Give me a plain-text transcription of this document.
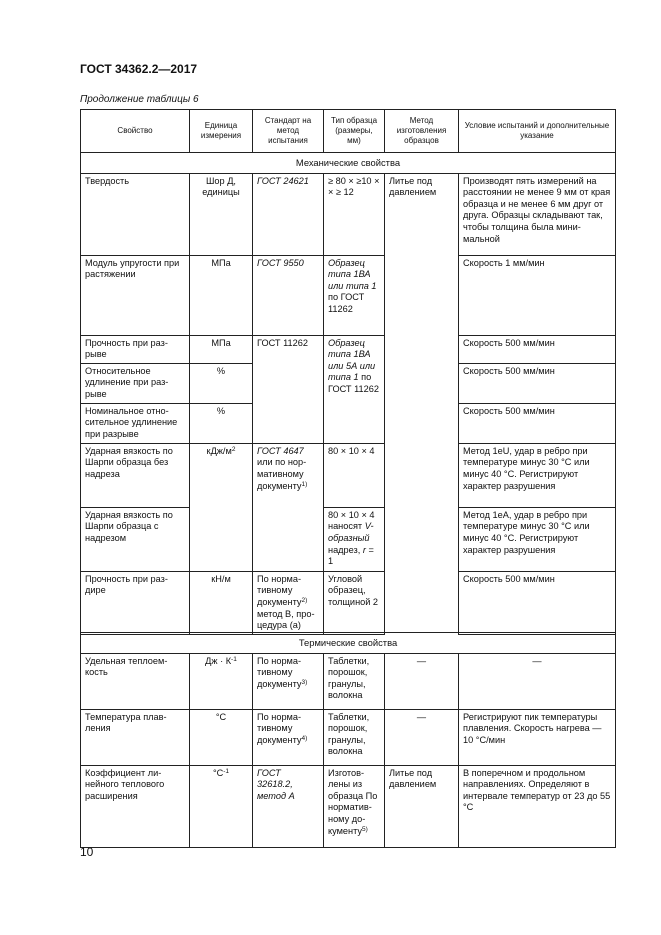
ГОСТ 34362.2—2017
Продолжение таблицы 6
Свойство	Единица измерения	Стандарт на метод испытания	Тип образца (размеры, мм)	Метод изготовления образцов	Условие испытаний и дополнительные указание
Механические свойства					
Твердость	Шор Д, единицы	ГОСТ 24621	≥ 80 × ≥10 × × ≥ 12	Литье под давлением	Производят пять измерений на расстоянии не менее 9 мм от края образца и не менее 6 мм друг от друга. Образцы складывают так, чтобы толщина была минимальной
Модуль упругости при растяжении	МПа	ГОСТ 9550	Образец типа 1ВА или типа 1 по ГОСТ 11262		Скорость 1 мм/мин
Прочность при разрыве	МПа	ГОСТ 11262	Образец типа 1ВА или 5А или типа 1 по ГОСТ 11262		Скорость 500 мм/мин
Относительное удлинение при разрыве	%				Скорость 500 мм/мин
Номинальное относительное удлинение при разрыве	%				Скорость 500 мм/мин
Ударная вязкость по Шарпи образца без надреза	кДж/$м^2$	ГОСТ 4647 или по нормативному документу$^{1)}$	80 × 10 × 4		Метод 1eU, удар в ребро при температуре минус 30 °С или минус 40 °С. Регистрируют характер разрушения
Ударная вязкость по Шарпи образца с надрезом			80 × 10 × 4 наносят V-образный надрез, r = 1		Метод 1eA, удар в ребро при температуре минус 30 °С или минус 40 °С. Регистрируют характер разрушения
Прочность при раздире	кН/м	По нормативному документу$^{2)}$ метод В, процедура (а)	Угловой образец, толщиной 2		Скорость 500 мм/мин
Термические свойства					
Удельная теплоемкость	Дж · $К^{-1}$	По нормативному документу$^{3)}$	Таблетки, порошок, гранулы, волокна	—	—
Температура плавления	°С	По нормативному документу$^{4)}$	Таблетки, порошок, гранулы, волокна	—	Регистрируют пик температуры плавления. Скорость нагрева — 10 °С/мин
Коэффициент линейного теплового расширения	$^\circ С^{-1}$	ГОСТ 32618.2, метод А	Изготовлены из образца По нормативному документу$^{5)}$	Литье под давлением	В поперечном и продольном направлениях. Определяют в интервале температур от 23 до 55 °С
10
